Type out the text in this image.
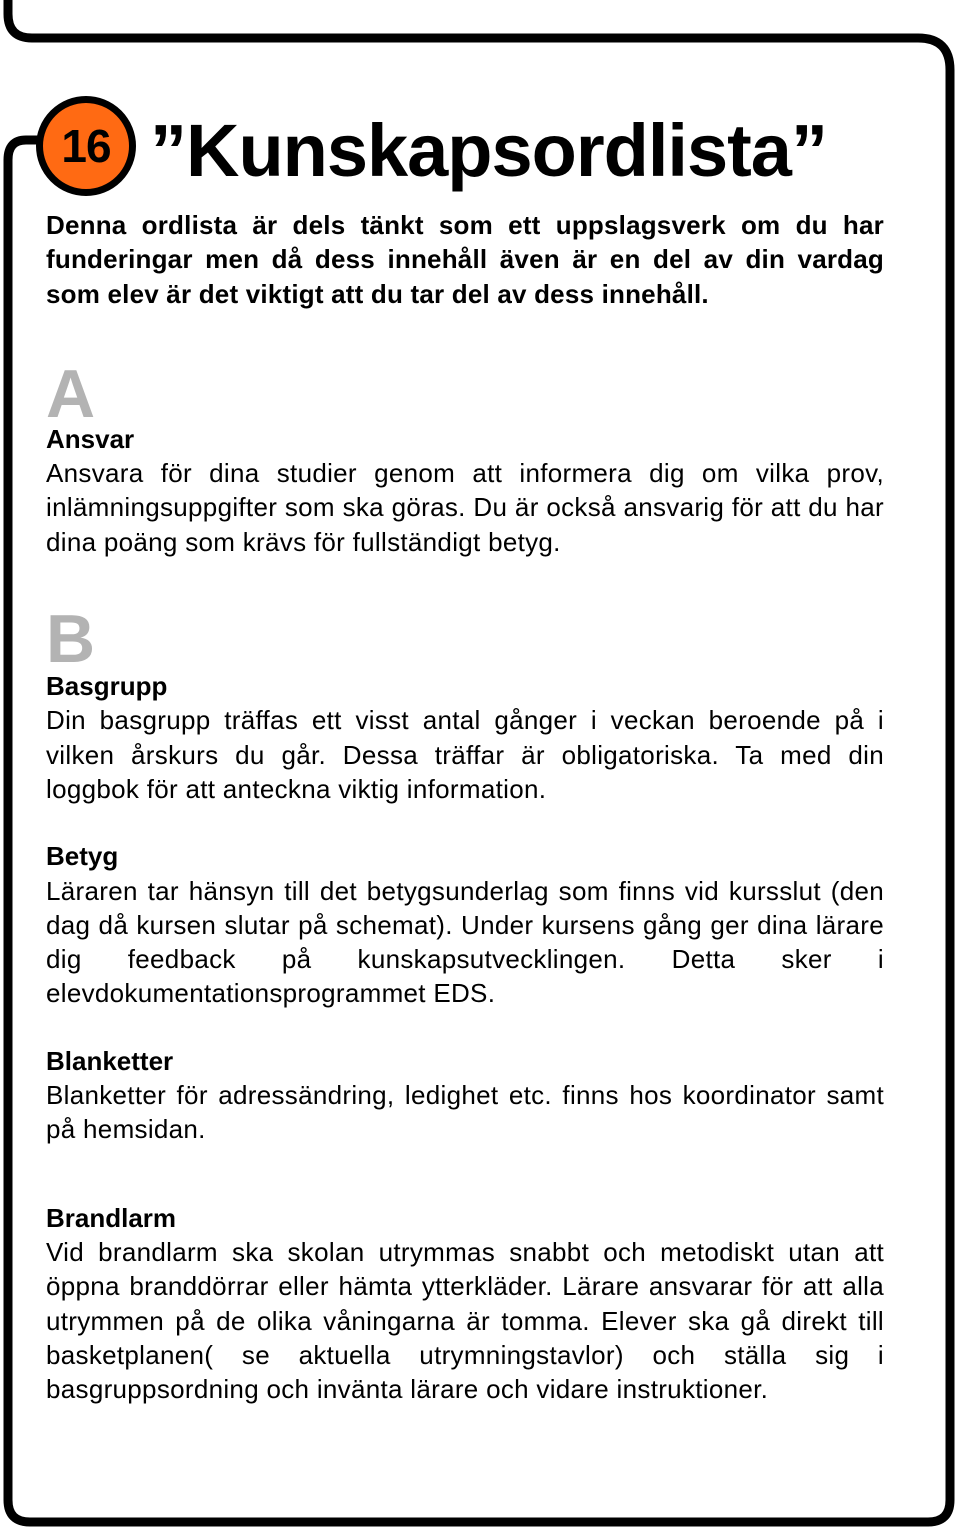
16 ”Kunskapsordlista”

Denna ordlista är dels tänkt som ett uppslagsverk om du har funderingar men då dess innehåll även är en del av din vardag som elev är det viktigt att du tar del av dess innehåll.

A

Ansvar

Ansvara för dina studier genom att informera dig om vilka prov, inlämningsuppgifter som ska göras. Du är också ansvarig för att du har dina poäng som krävs för fullständigt betyg.

B

Basgrupp

Din basgrupp träffas ett visst antal gånger i veckan beroende på i vilken årskurs du går. Dessa träffar är obligatoriska. Ta med din loggbok för att anteckna viktig information.

Betyg

Läraren tar hänsyn till det betygsunderlag som finns vid kursslut (den dag då kursen slutar på schemat). Under kursens gång ger dina lärare dig feedback på kunskapsutvecklingen. Detta sker i elevdokumentationsprogrammet EDS.

Blanketter

Blanketter för adressändring, ledighet etc. finns hos koordinator samt på hemsidan.

Brandlarm

Vid brandlarm ska skolan utrymmas snabbt och metodiskt utan att öppna branddörrar eller hämta ytterkläder. Lärare ansvarar för att alla utrymmen på de olika våningarna är tomma. Elever ska gå direkt till basketplanen( se aktuella utrymningstavlor) och ställa sig i basgruppsordning och invänta lärare och vidare instruktioner.
